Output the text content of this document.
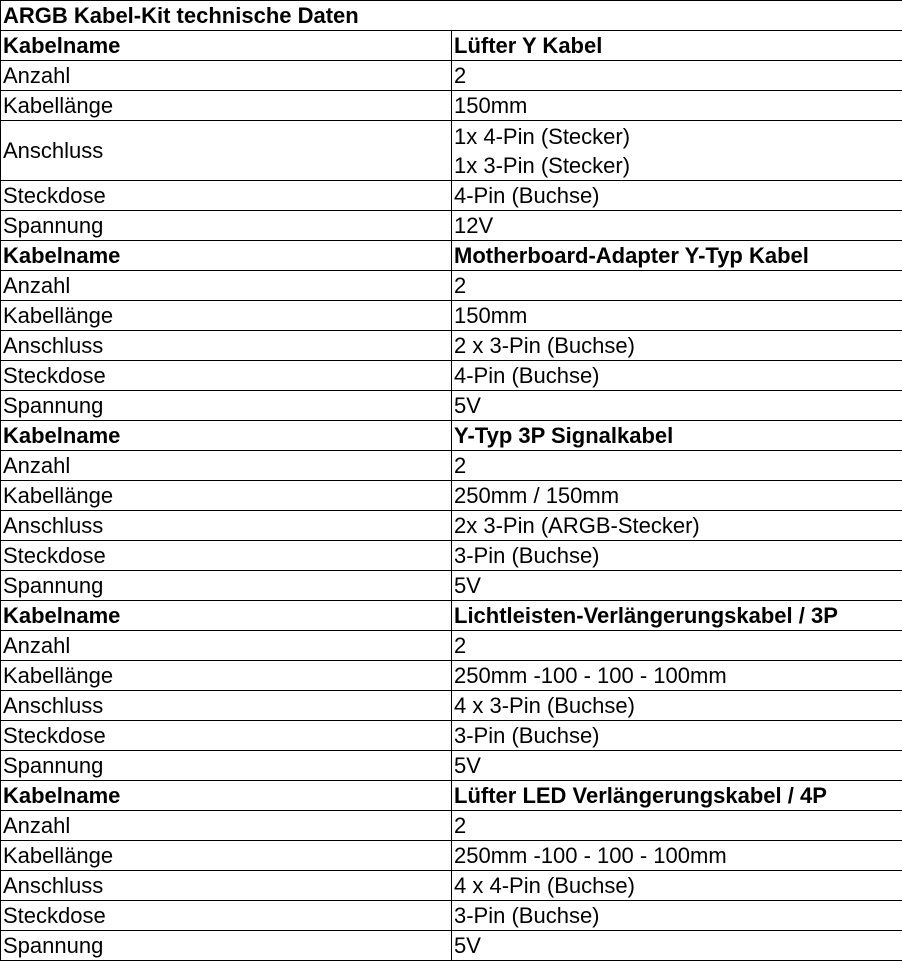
ARGB Kabel-Kit technische Daten	
Kabelname	Lüfter Y Kabel
Anzahl	2
Kabellänge	150mm
Anschluss	1x 4-Pin (Stecker)
1x 3-Pin (Stecker)

Steckdose	4-Pin (Buchse)
Spannung	12V
Kabelname	Motherboard-Adapter Y-Typ Kabel
Anzahl	2
Kabellänge	150mm
Anschluss	2 x 3-Pin (Buchse)
Steckdose	4-Pin (Buchse)
Spannung	5V
Kabelname	Y-Typ 3P Signalkabel
Anzahl	2
Kabellänge	250mm / 150mm
Anschluss	2x 3-Pin (ARGB-Stecker)
Steckdose	3-Pin (Buchse)
Spannung	5V
Kabelname	Lichtleisten-Verlängerungskabel / 3P
Anzahl	2
Kabellänge	250mm -100 - 100 - 100mm
Anschluss	4 x 3-Pin (Buchse)
Steckdose	3-Pin (Buchse)
Spannung	5V
Kabelname	Lüfter LED Verlängerungskabel / 4P
Anzahl	2
Kabellänge	250mm -100 - 100 - 100mm
Anschluss	4 x 4-Pin (Buchse)
Steckdose	3-Pin (Buchse)
Spannung	5V
